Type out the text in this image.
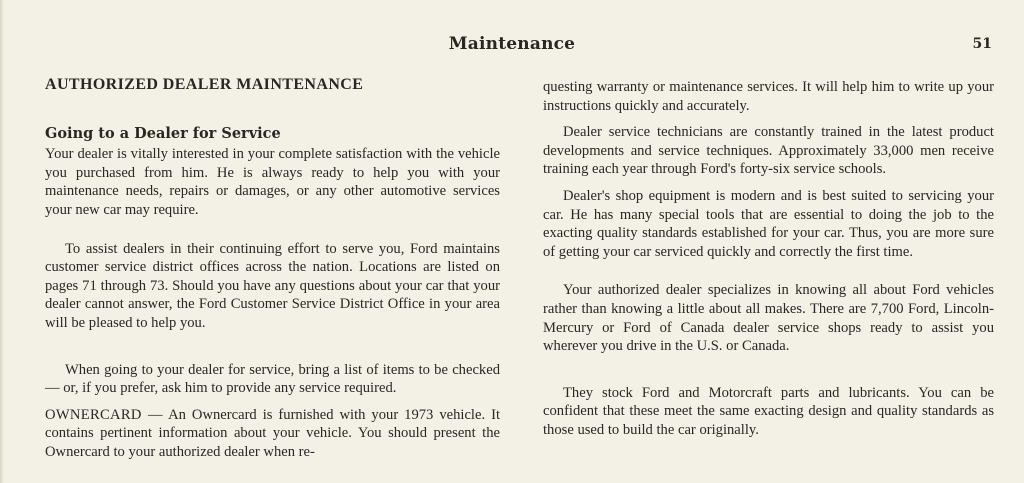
Maintenance	51
AUTHORIZED DEALER MAINTENANCE
Going to a Dealer for Service

Your dealer is vitally interested in your complete satisfaction with the vehicle you purchased from him. He is always ready to help you with your maintenance needs, repairs or damages, or any other automotive services your new car may require.

To assist dealers in their continuing effort to serve you, Ford maintains customer service district offices across the nation. Locations are listed on pages 71 through 73. Should you have any questions about your car that your dealer cannot answer, the Ford Customer Service District Office in your area will be pleased to help you.

When going to your dealer for service, bring a list of items to be checked — or, if you prefer, ask him to provide any service required.

OWNERCARD — An Ownercard is furnished with your 1973 vehicle. It contains pertinent information about your vehicle. You should present the Ownercard to your authorized dealer when re-

questing warranty or maintenance services. It will help him to write up your instructions quickly and accurately.

Dealer service technicians are constantly trained in the latest product developments and service techniques. Approximately 33,000 men receive training each year through Ford's forty-six service schools.

Dealer's shop equipment is modern and is best suited to servicing your car. He has many special tools that are essential to doing the job to the exacting quality standards established for your car. Thus, you are more sure of getting your car serviced quickly and correctly the first time.

Your authorized dealer specializes in knowing all about Ford vehicles rather than knowing a little about all makes. There are 7,700 Ford, Lincoln-Mercury or Ford of Canada dealer service shops ready to assist you wherever you drive in the U.S. or Canada.

They stock Ford and Motorcraft parts and lubricants. You can be confident that these meet the same exacting design and quality standards as those used to build the car originally.
